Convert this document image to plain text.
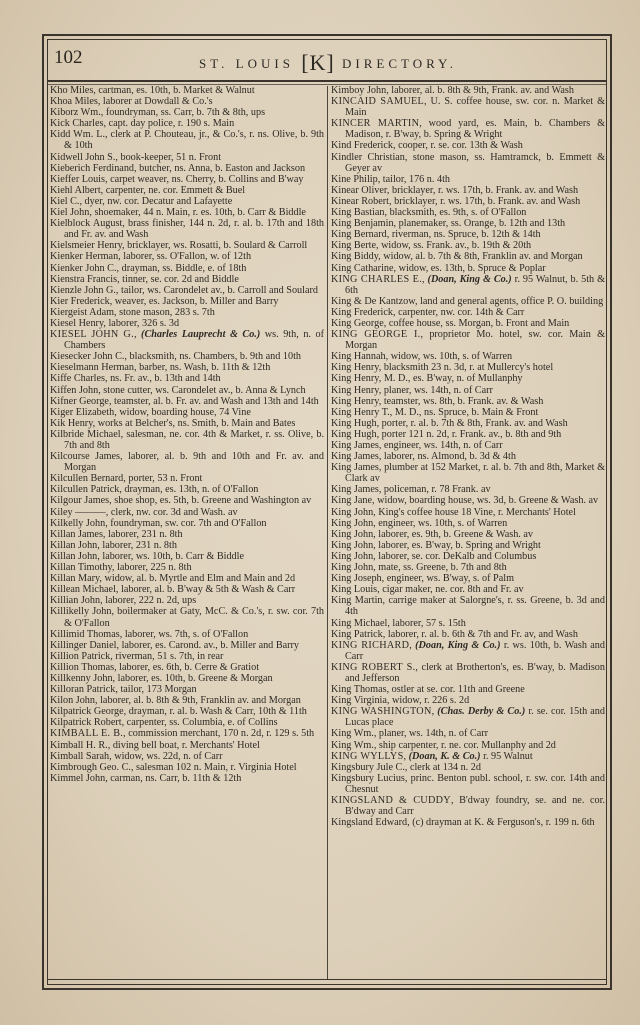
102	ST. LOUIS [K] DIRECTORY.

Kho Miles, cartman, es. 10th, b. Market & Walnut

Khoa Miles, laborer at Dowdall & Co.'s

Kiborz Wm., foundryman, ss. Carr, b. 7th & 8th, ups

Kick Charles, capt. day police, r. 190 s. Main

Kidd Wm. L., clerk at P. Chouteau, jr., & Co.'s, r. ns. Olive, b. 9th & 10th

Kidwell John S., book-keeper, 51 n. Front

Kieberich Ferdinand, butcher, ns. Anna, b. Easton and Jackson

Kieffer Louis, carpet weaver, ns. Cherry, b. Collins and B'way

Kiehl Albert, carpenter, ne. cor. Emmett & Buel

Kiel C., dyer, nw. cor. Decatur and Lafayette

Kiel John, shoemaker, 44 n. Main, r. es. 10th, b. Carr & Biddle

Kielblock August, brass finisher, 144 n. 2d, r. al. b. 17th and 18th and Fr. av. and Wash

Kielsmeier Henry, bricklayer, ws. Rosatti, b. Soulard & Carroll

Kienker Herman, laborer, ss. O'Fallon, w. of 12th

Kienker John C., drayman, ss. Biddle, e. of 18th

Kienstra Francis, tinner, se. cor. 2d and Biddle

Kienzle John G., tailor, ws. Carondelet av., b. Carroll and Soulard

Kier Frederick, weaver, es. Jackson, b. Miller and Barry

Kiergeist Adam, stone mason, 283 s. 7th

Kiesel Henry, laborer, 326 s. 3d

KIESEL JOHN G., (Charles Lauprecht & Co.) ws. 9th, n. of Chambers

Kiesecker John C., blacksmith, ns. Chambers, b. 9th and 10th

Kieselmann Herman, barber, ns. Wash, b. 11th & 12th

Kiffe Charles, ns. Fr. av., b. 13th and 14th

Kiffen John, stone cutter, ws. Carondelet av., b. Anna & Lynch

Kifner George, teamster, al. b. Fr. av. and Wash and 13th and 14th

Kiger Elizabeth, widow, boarding house, 74 Vine

Kik Henry, works at Belcher's, ns. Smith, b. Main and Bates

Kilbride Michael, salesman, ne. cor. 4th & Market, r. ss. Olive, b. 7th and 8th

Kilcourse James, laborer, al. b. 9th and 10th and Fr. av. and Morgan

Kilcullen Bernard, porter, 53 n. Front

Kilcullen Patrick, drayman, es. 13th, n. of O'Fallon

Kilgour James, shoe shop, es. 5th, b. Greene and Washington av

Kiley ———, clerk, nw. cor. 3d and Wash. av

Kilkelly John, foundryman, sw. cor. 7th and O'Fallon

Killan James, laborer, 231 n. 8th

Killan John, laborer, 231 n. 8th

Killan John, laborer, ws. 10th, b. Carr & Biddle

Killan Timothy, laborer, 225 n. 8th

Killan Mary, widow, al. b. Myrtle and Elm and Main and 2d

Killean Michael, laborer, al. b. B'way & 5th & Wash & Carr

Killian John, laborer, 222 n. 2d, ups

Killikelly John, boilermaker at Gaty, McC. & Co.'s, r. sw. cor. 7th & O'Fallon

Killimid Thomas, laborer, ws. 7th, s. of O'Fallon

Killinger Daniel, laborer, es. Carond. av., b. Miller and Barry

Killion Patrick, riverman, 51 s. 7th, in rear

Killion Thomas, laborer, es. 6th, b. Cerre & Gratiot

Killkenny John, laborer, es. 10th, b. Greene & Morgan

Killoran Patrick, tailor, 173 Morgan

Kilon John, laborer, al. b. 8th & 9th, Franklin av. and Morgan

Kilpatrick George, drayman, r. al. b. Wash & Carr, 10th & 11th

Kilpatrick Robert, carpenter, ss. Columbia, e. of Collins

KIMBALL E. B., commission merchant, 170 n. 2d, r. 129 s. 5th

Kimball H. R., diving bell boat, r. Merchants' Hotel

Kimball Sarah, widow, ws. 22d, n. of Carr

Kimbrough Geo. C., salesman 102 n. Main, r. Virginia Hotel

Kimmel John, carman, ns. Carr, b. 11th & 12th

Kimboy John, laborer, al. b. 8th & 9th, Frank. av. and Wash

KINCAID SAMUEL, U. S. coffee house, sw. cor. n. Market & Main

KINCER MARTIN, wood yard, es. Main, b. Chambers & Madison, r. B'way, b. Spring & Wright

Kind Frederick, cooper, r. se. cor. 13th & Wash

Kindler Christian, stone mason, ss. Hamtramck, b. Emmett & Geyer av

Kine Philip, tailor, 176 n. 4th

Kinear Oliver, bricklayer, r. ws. 17th, b. Frank. av. and Wash

Kinear Robert, bricklayer, r. ws. 17th, b. Frank. av. and Wash

King Bastian, blacksmith, es. 9th, s. of O'Fallon

King Benjamin, planemaker, ss. Orange, b. 12th and 13th

King Bernard, riverman, ns. Spruce, b. 12th & 14th

King Berte, widow, ss. Frank. av., b. 19th & 20th

King Biddy, widow, al. b. 7th & 8th, Franklin av. and Morgan

King Catharine, widow, es. 13th, b. Spruce & Poplar

KING CHARLES E., (Doan, King & Co.) r. 95 Walnut, b. 5th & 6th

King & De Kantzow, land and general agents, office P. O. building

King Frederick, carpenter, nw. cor. 14th & Carr

King George, coffee house, ss. Morgan, b. Front and Main

KING GEORGE I., proprietor Mo. hotel, sw. cor. Main & Morgan

King Hannah, widow, ws. 10th, s. of Warren

King Henry, blacksmith 23 n. 3d, r. at Mullercy's hotel

King Henry, M. D., es. B'way, n. of Mullanphy

King Henry, planer, ws. 14th, n. of Carr

King Henry, teamster, ws. 8th, b. Frank. av. & Wash

King Henry T., M. D., ns. Spruce, b. Main & Front

King Hugh, porter, r. al. b. 7th & 8th, Frank. av. and Wash

King Hugh, porter 121 n. 2d, r. Frank. av., b. 8th and 9th

King James, engineer, ws. 14th, n. of Carr

King James, laborer, ns. Almond, b. 3d & 4th

King James, plumber at 152 Market, r. al. b. 7th and 8th, Market & Clark av

King James, policeman, r. 78 Frank. av

King Jane, widow, boarding house, ws. 3d, b. Greene & Wash. av

King John, King's coffee house 18 Vine, r. Merchants' Hotel

King John, engineer, ws. 10th, s. of Warren

King John, laborer, es. 9th, b. Greene & Wash. av

King John, laborer, es. B'way, b. Spring and Wright

King John, laborer, se. cor. DeKalb and Columbus

King John, mate, ss. Greene, b. 7th and 8th

King Joseph, engineer, ws. B'way, s. of Palm

King Louis, cigar maker, ne. cor. 8th and Fr. av

King Martin, carrige maker at Salorgne's, r. ss. Greene, b. 3d and 4th

King Michael, laborer, 57 s. 15th

King Patrick, laborer, r. al. b. 6th & 7th and Fr. av, and Wash

KING RICHARD, (Doan, King & Co.) r. ws. 10th, b. Wash and Carr

KING ROBERT S., clerk at Brotherton's, es. B'way, b. Madison and Jefferson

King Thomas, ostler at se. cor. 11th and Greene

King Virginia, widow, r. 226 s. 2d

KING WASHINGTON, (Chas. Derby & Co.) r. se. cor. 15th and Lucas place

King Wm., planer, ws. 14th, n. of Carr

King Wm., ship carpenter, r. ne. cor. Mullanphy and 2d

KING WYLLYS, (Doan, K. & Co.) r. 95 Walnut

Kingsbury Jule C., clerk at 134 n. 2d

Kingsbury Lucius, princ. Benton publ. school, r. sw. cor. 14th and Chesnut

KINGSLAND & CUDDY, B'dway foundry, se. and ne. cor. B'dway and Carr

Kingsland Edward, (c) drayman at K. & Ferguson's, r. 199 n. 6th
